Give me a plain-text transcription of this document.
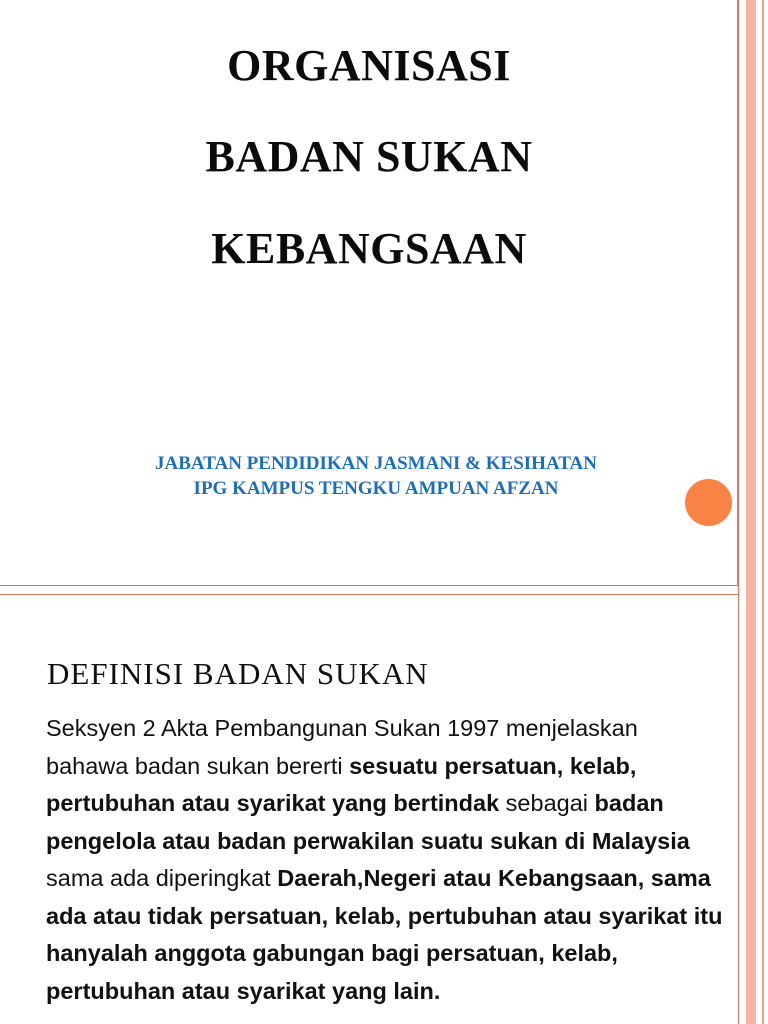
ORGANISASI
BADAN SUKAN
KEBANGSAAN
JABATAN PENDIDIKAN JASMANI & KESIHATAN
IPG KAMPUS TENGKU AMPUAN AFZAN
DEFINISI BADAN SUKAN
Seksyen 2 Akta Pembangunan Sukan 1997 menjelaskan bahawa badan sukan bererti sesuatu persatuan, kelab, pertubuhan atau syarikat yang bertindak sebagai badan pengelola atau badan perwakilan suatu sukan di Malaysia sama ada diperingkat Daerah,Negeri atau Kebangsaan, sama ada atau tidak persatuan, kelab, pertubuhan atau syarikat itu hanyalah anggota gabungan bagi persatuan, kelab, pertubuhan atau syarikat yang lain.
